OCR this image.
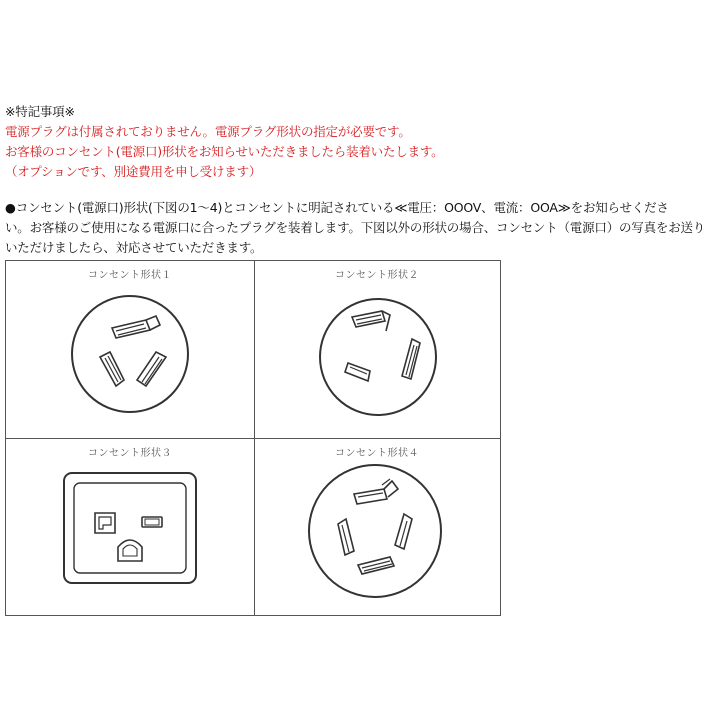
※特記事項※
電源プラグは付属されておりません。電源プラグ形状の指定が必要です。
お客様のコンセント(電源口)形状をお知らせいただきましたら装着いたします。
（オプションです、別途費用を申し受けます）
●コンセント(電源口)形状(下図の1～4)とコンセントに明記されている≪電圧：OOOV、電流：OOA≫をお知らせくださ
い。お客様のご使用になる電源口に合ったプラグを装着します。下図以外の形状の場合、コンセント（電源口）の写真をお送り
いただけましたら、対応させていただきます。
コンセント形状１	コンセント形状２
コンセント形状３	コンセント形状４
